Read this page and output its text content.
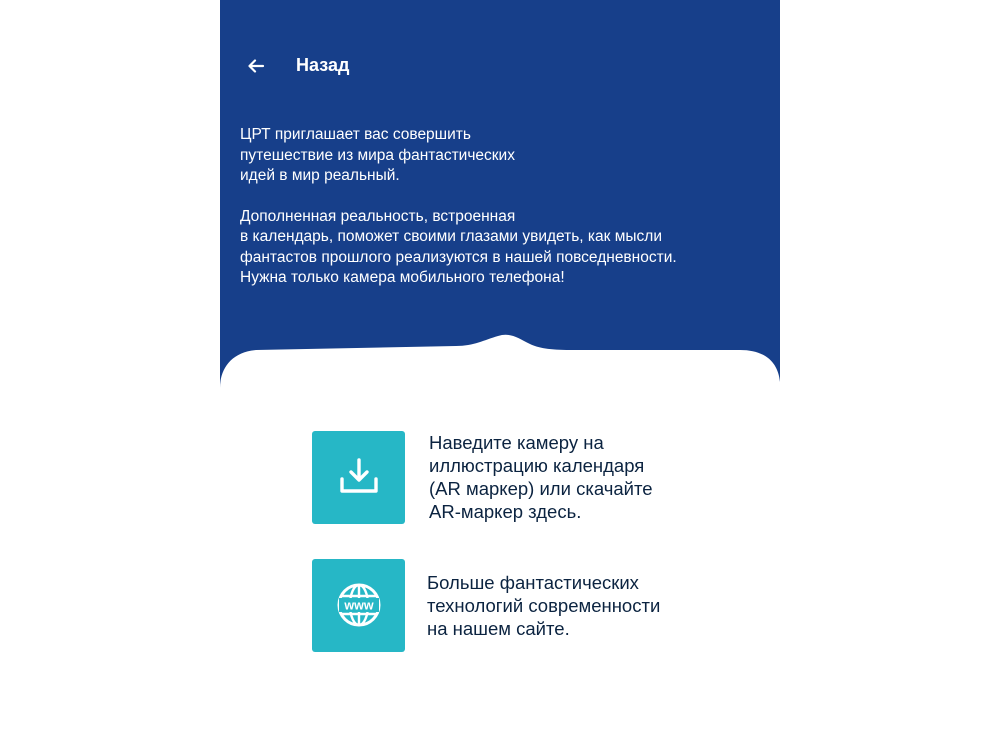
Назад

ЦРТ приглашает вас совершить
путешествие из мира фантастических
идей в мир реальный.

Дополненная реальность, встроенная
в календарь, поможет своими глазами увидеть, как мысли
фантастов прошлого реализуются в нашей повседневности.
Нужна только камера мобильного телефона!

Наведите камеру на
иллюстрацию календаря
(AR маркер) или скачайте
AR-маркер здесь.
www
Больше фантастических
технологий современности
на нашем сайте.
